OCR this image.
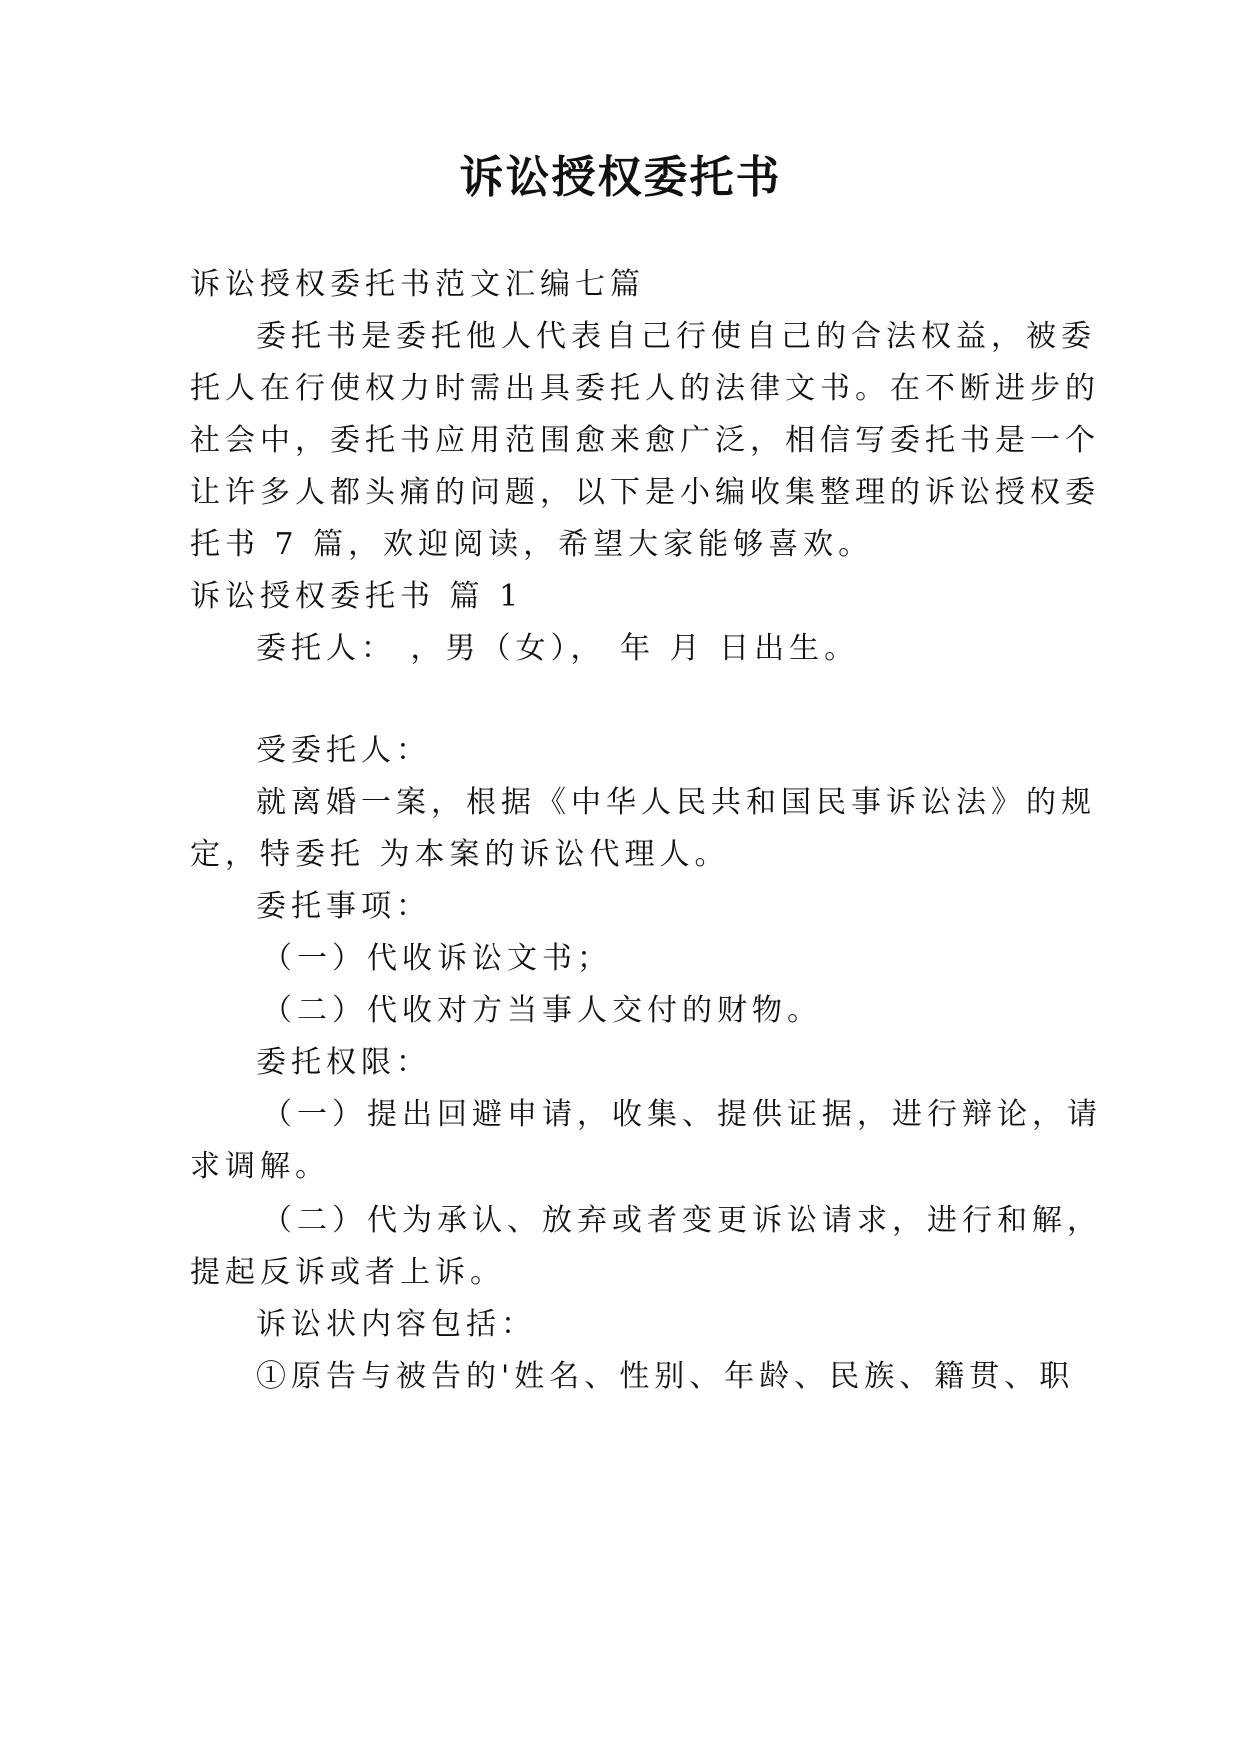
诉讼授权委托书
诉讼授权委托书范文汇编七篇
委托书是委托他人代表自己行使自己的合法权益，被委
托人在行使权力时需出具委托人的法律文书。在不断进步的
社会中，委托书应用范围愈来愈广泛，相信写委托书是一个
让许多人都头痛的问题，以下是小编收集整理的诉讼授权委
托书 7 篇，欢迎阅读，希望大家能够喜欢。
诉讼授权委托书 篇 1
委托人： ，男（女）， 年 月 日出生。
受委托人：
就离婚一案，根据《中华人民共和国民事诉讼法》的规
定，特委托 为本案的诉讼代理人。
委托事项：
（一）代收诉讼文书；
（二）代收对方当事人交付的财物。
委托权限：
（一）提出回避申请，收集、提供证据，进行辩论，请
求调解。
（二）代为承认、放弃或者变更诉讼请求，进行和解，
提起反诉或者上诉。
诉讼状内容包括：
①原告与被告的'姓名、性别、年龄、民族、籍贯、职
